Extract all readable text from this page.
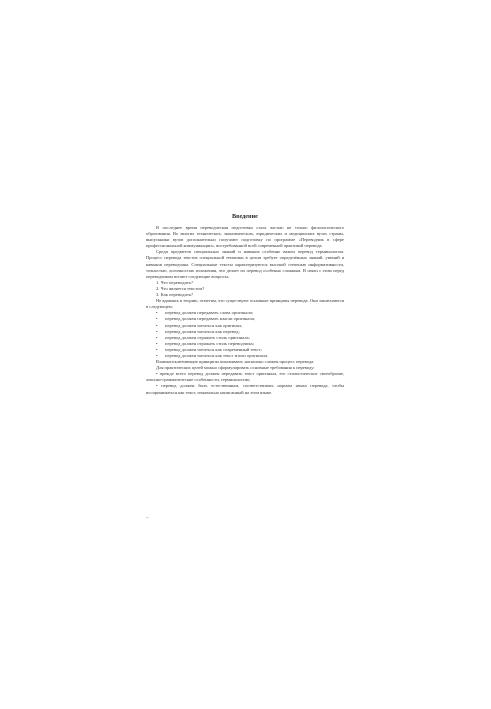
Введение

В последнее время переводческая подготовка стала частью не только филологического образования. Во многих технических, экономических, юридических и медицинских вузах страны, выпускники вузов дополнительно получают подготовку по программе «Переводчик в сфере профессиональной коммуникации», востребованной всей современной практикой перевода.

Среди предметов специальных знаний и навыков особенно важен перевод терминологии. Процесс перевода текстов специальной тематики в целом требует определённых знаний, умений и навыков переводчика. Специальные тексты характеризуются высокой степенью информативности, точностью, логичностью изложения, что делает их перевод особенно сложным. В связи с этим перед переводчиком встают следующие вопросы:

1. Что переводить?

2. Что является текстом?

3. Как переводить?

Не вдаваясь в теорию, отметим, что существуют основные принципы перевода. Они заключаются в следующем:

• перевод должен передавать слова оригинала;
• перевод должен передавать мысли оригинала;
• перевод должен читаться как оригинал;
• перевод должен читаться как перевод;
• перевод должен отражать стиль оригинала;
• перевод должен отражать стиль переводчика;
• перевод должен читаться как современный текст;
• перевод должен читаться как текст эпохи оригинала.

Взаимоисключающие принципы показывают, насколько сложен процесс перевода.

Для практических целей можно сформулировать основные требования к переводу:

• прежде всего перевод должен передавать текст оригинала, его стилистическое своеобразие, лексико-грамматические особенности, терминологию;

• перевод должен быть естественным, соответствовать нормам языка перевода, чтобы восприниматься как текст, изначально написанный на этом языке.

–
